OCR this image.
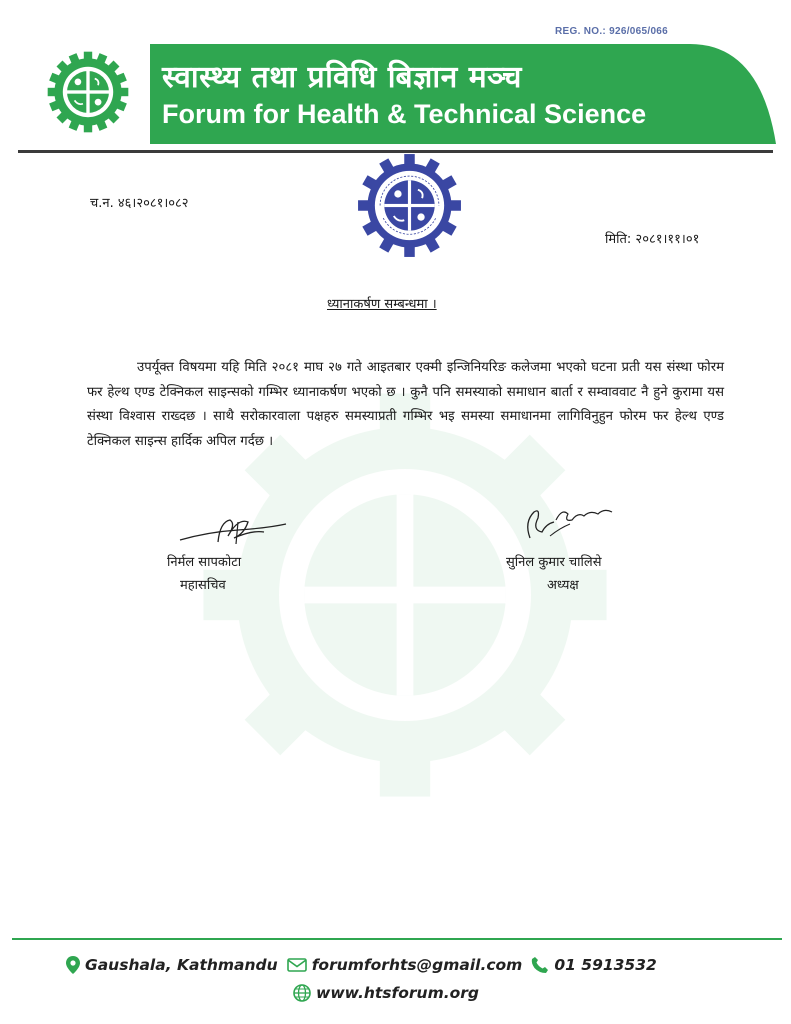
REG. NO.: 926/065/066
स्वास्थ्य तथा प्रविधि बिज्ञान मञ्च
Forum for Health & Technical Science
च.न. ४६।२०८१।०८२
मिति: २०८१।११।०१
ध्यानाकर्षण सम्बन्धमा ।

उपर्यूक्त विषयमा यहि मिति २०८१ माघ २७ गते आइतबार एक्मी इन्जिनियरिङ कलेजमा भएको घटना प्रती यस संस्था फोरम फर हेल्थ एण्ड टेक्निकल साइन्सको गम्भिर ध्यानाकर्षण भएको छ । कुनै पनि समस्याको समाधान बार्ता र सम्वाववाट नै हुने कुरामा यस संस्था विश्वास राख्दछ । साथै सरोकारवाला पक्षहरु समस्याप्रती गम्भिर भइ समस्या समाधानमा लागिविनुहुन फोरम फर हेल्थ एण्ड टेक्निकल साइन्स हार्दिक अपिल गर्दछ ।

निर्मल सापकोटा
महासचिव
सुनिल कुमार चालिसे
अध्यक्ष
Gaushala, Kathmandu forumforhts@gmail.com 01 5913532
www.htsforum.org
